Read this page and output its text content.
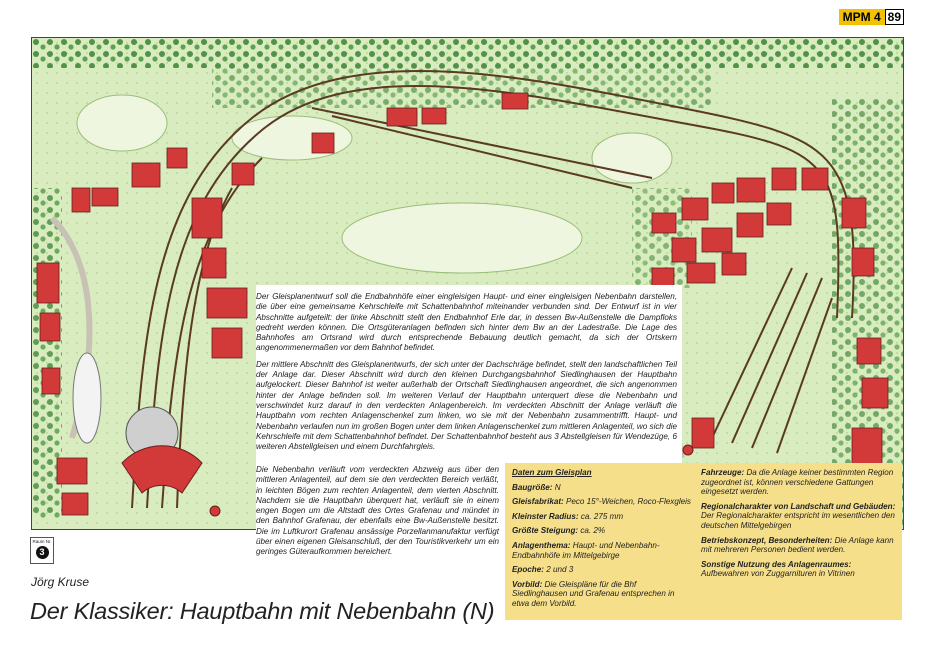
MPM 4 89

Der Gleisplanentwurf soll die Endbahnhöfe einer eingleisigen Haupt- und einer eingleisigen Nebenbahn darstellen, die über eine gemeinsame Kehrschleife mit Schattenbahnhof miteinander verbunden sind. Der Entwurf ist in vier Abschnitte aufgeteilt: der linke Abschnitt stellt den Endbahnhof Erle dar, in dessen Bw-Außenstelle die Dampfloks gedreht werden können. Die Ortsgüteranlagen befinden sich hinter dem Bw an der Ladestraße. Die Lage des Bahnhofes am Ortsrand wird durch entsprechende Bebauung deutlich gemacht, da sich der Ortskern angenommenermaßen vor dem Bahnhof befindet.

Der mittlere Abschnitt des Gleisplanentwurfs, der sich unter der Dachschräge befindet, stellt den landschaftlichen Teil der Anlage dar. Dieser Abschnitt wird durch den kleinen Durchgangsbahnhof Siedlinghausen der Hauptbahn aufgelockert. Dieser Bahnhof ist weiter außerhalb der Ortschaft Siedlinghausen angeordnet, die sich angenommen hinter der Anlage befinden soll. Im weiteren Verlauf der Hauptbahn unterquert diese die Nebenbahn und verschwindet kurz darauf in den verdeckten Anlagenbereich. Im verdeckten Abschnitt der Anlage verläuft die Hauptbahn vom rechten Anlagenschenkel zum linken, wo sie mit der Nebenbahn zusammentrifft. Haupt- und Nebenbahn verlaufen nun im großen Bogen unter dem linken Anlagenschenkel zum mittleren Anlagenteil, wo sich die Kehrschleife mit dem Schattenbahnhof befindet. Der Schattenbahnhof besteht aus 3 Abstellgleisen für Wendezüge, 6 weiteren Abstellgleisen und einem Durchfahrgleis.

Die Nebenbahn verläuft vom verdeckten Abzweig aus über den mittleren Anlagenteil, auf dem sie den verdeckten Bereich verläßt, in leichten Bögen zum rechten Anlagenteil, dem vierten Abschnitt. Nachdem sie die Hauptbahn überquert hat, verläuft sie in einem engen Bogen um die Altstadt des Ortes Grafenau und mündet in den Bahnhof Grafenau, der ebenfalls eine Bw-Außenstelle besitzt. Die im Luftkurort Grafenau ansässige Porzellanmanufaktur verfügt über einen eigenen Gleisanschluß, der den Touristikverkehr um ein geringes Güteraufkommen bereichert.
Daten zum Gleisplan
Baugröße: N
Gleisfabrikat: Peco 15°-Weichen, Roco-Flexgleis
Kleinster Radius: ca. 275 mm
Größte Steigung: ca. 2%
Anlagenthema: Haupt- und Nebenbahn-Endbahnhöfe im Mittelgebirge
Epoche: 2 und 3
Vorbild: Die Gleispläne für die Bhf Siedlinghausen und Grafenau entsprechen in etwa dem Vorbild.
Fahrzeuge: Da die Anlage keiner bestimmten Region zugeordnet ist, können verschiedene Gattungen eingesetzt werden.
Regionalcharakter von Landschaft und Gebäuden: Der Regionalcharakter entspricht im wesentlichen den deutschen Mittelgebirgen
Betriebskonzept, Besonderheiten: Die Anlage kann mit mehreren Personen bedient werden.
Sonstige Nutzung des Anlagenraumes: Aufbewahren von Zuggarnituren in Vitrinen
Raum Nr.
3
Jörg Kruse
Der Klassiker: Hauptbahn mit Nebenbahn (N)
